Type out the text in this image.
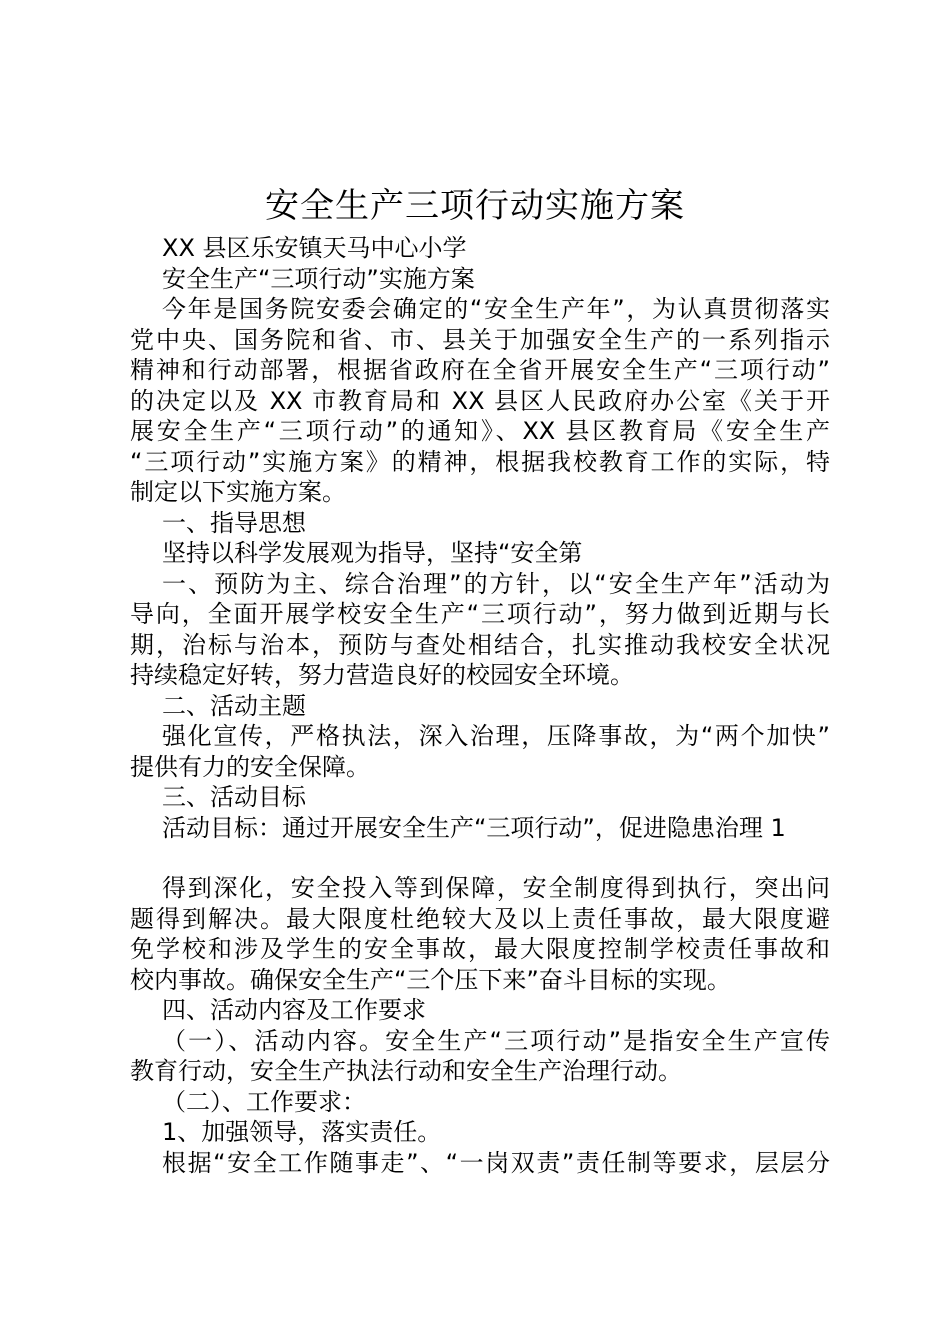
安全生产三项行动实施方案
XX 县区乐安镇天马中心小学
安全生产“三项行动”实施方案
今年是国务院安委会确定的“安全生产年”，为认真贯彻落实
党中央、国务院和省、市、县关于加强安全生产的一系列指示
精神和行动部署，根据省政府在全省开展安全生产“三项行动”
的决定以及 XX 市教育局和 XX 县区人民政府办公室《关于开
展安全生产“三项行动”的通知》、XX 县区教育局《安全生产
“三项行动”实施方案》的精神，根据我校教育工作的实际，特
制定以下实施方案。
一、指导思想
坚持以科学发展观为指导，坚持“安全第
一、预防为主、综合治理”的方针，以“安全生产年”活动为
导向，全面开展学校安全生产“三项行动”，努力做到近期与长
期，治标与治本，预防与查处相结合，扎实推动我校安全状况
持续稳定好转，努力营造良好的校园安全环境。
二、活动主题
强化宣传，严格执法，深入治理，压降事故，为“两个加快”
提供有力的安全保障。
三、活动目标
活动目标：通过开展安全生产“三项行动”，促进隐患治理 1
得到深化，安全投入等到保障，安全制度得到执行，突出问
题得到解决。最大限度杜绝较大及以上责任事故，最大限度避
免学校和涉及学生的安全事故，最大限度控制学校责任事故和
校内事故。确保安全生产“三个压下来”奋斗目标的实现。
四、活动内容及工作要求
（一）、活动内容。安全生产“三项行动”是指安全生产宣传
教育行动，安全生产执法行动和安全生产治理行动。
（二）、工作要求：
1、加强领导，落实责任。
根据“安全工作随事走”、“一岗双责”责任制等要求，层层分
